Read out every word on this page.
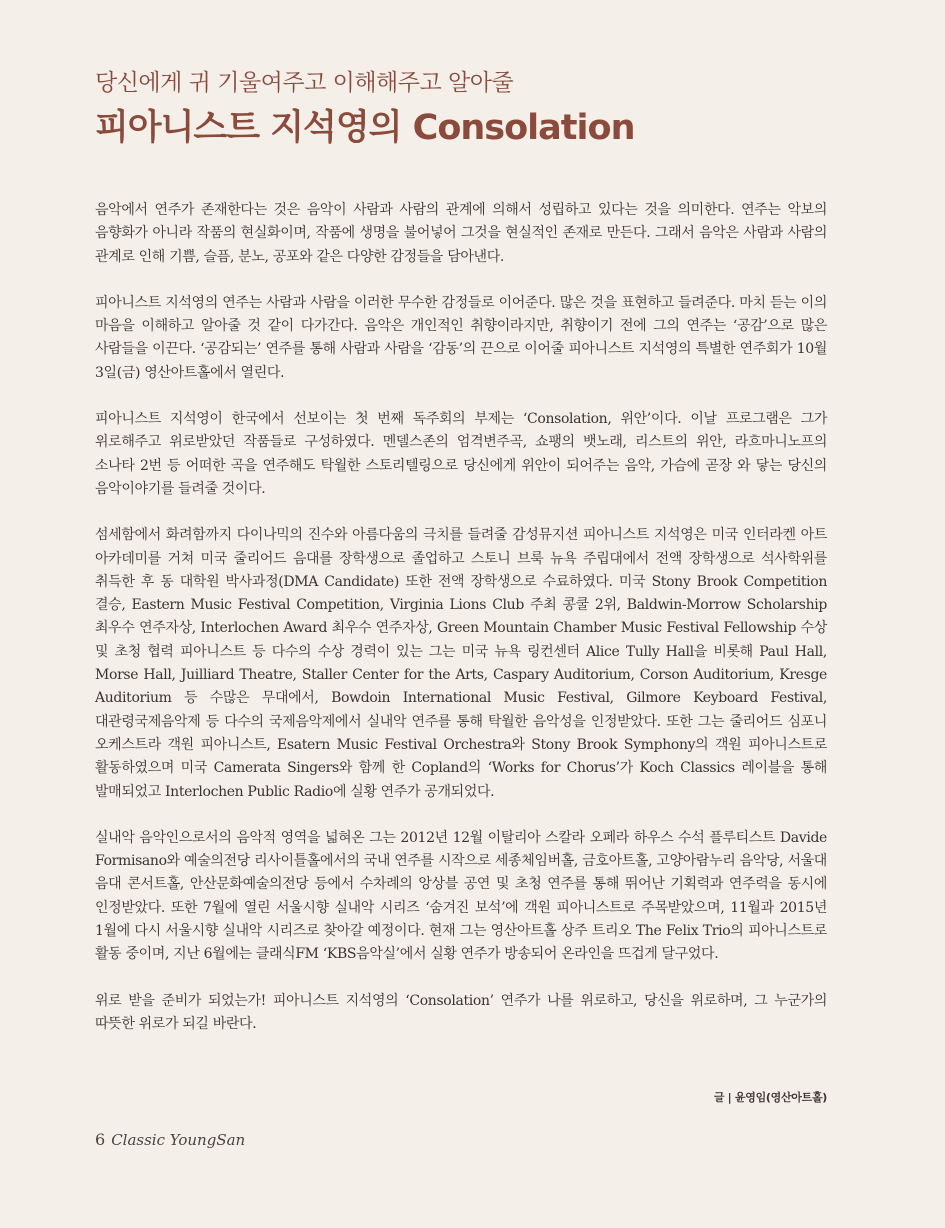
당신에게 귀 기울여주고 이해해주고 알아줄
피아니스트 지석영의 Consolation

음악에서 연주가 존재한다는 것은 음악이 사람과 사람의 관계에 의해서 성립하고 있다는 것을 의미한다. 연주는 악보의 음향화가 아니라 작품의 현실화이며, 작품에 생명을 불어넣어 그것을 현실적인 존재로 만든다. 그래서 음악은 사람과 사람의 관계로 인해 기쁨, 슬픔, 분노, 공포와 같은 다양한 감정들을 담아낸다.

피아니스트 지석영의 연주는 사람과 사람을 이러한 무수한 감정들로 이어준다. 많은 것을 표현하고 들려준다. 마치 듣는 이의 마음을 이해하고 알아줄 것 같이 다가간다. 음악은 개인적인 취향이라지만, 취향이기 전에 그의 연주는 ‘공감’으로 많은 사람들을 이끈다. ‘공감되는’ 연주를 통해 사람과 사람을 ‘감동’의 끈으로 이어줄 피아니스트 지석영의 특별한 연주회가 10월 3일(금) 영산아트홀에서 열린다.

피아니스트 지석영이 한국에서 선보이는 첫 번째 독주회의 부제는 ‘Consolation, 위안’이다. 이날 프로그램은 그가 위로해주고 위로받았던 작품들로 구성하였다. 멘델스존의 엄격변주곡, 쇼팽의 뱃노래, 리스트의 위안, 라흐마니노프의 소나타 2번 등 어떠한 곡을 연주해도 탁월한 스토리텔링으로 당신에게 위안이 되어주는 음악, 가슴에 곧장 와 닿는 당신의 음악이야기를 들려줄 것이다.

섬세함에서 화려함까지 다이나믹의 진수와 아름다움의 극치를 들려줄 감성뮤지션 피아니스트 지석영은 미국 인터라켄 아트 아카데미를 거쳐 미국 줄리어드 음대를 장학생으로 졸업하고 스토니 브룩 뉴욕 주립대에서 전액 장학생으로 석사학위를 취득한 후 동 대학원 박사과정(DMA Candidate) 또한 전액 장학생으로 수료하였다. 미국 Stony Brook Competition 결승, Eastern Music Festival Competition, Virginia Lions Club 주최 콩쿨 2위, Baldwin-Morrow Scholarship 최우수 연주자상, Interlochen Award 최우수 연주자상, Green Mountain Chamber Music Festival Fellowship 수상 및 초청 협력 피아니스트 등 다수의 수상 경력이 있는 그는 미국 뉴욕 링컨센터 Alice Tully Hall을 비롯해 Paul Hall, Morse Hall, Juilliard Theatre, Staller Center for the Arts, Caspary Auditorium, Corson Auditorium, Kresge Auditorium 등 수많은 무대에서, Bowdoin International Music Festival, Gilmore Keyboard Festival, 대관령국제음악제 등 다수의 국제음악제에서 실내악 연주를 통해 탁월한 음악성을 인정받았다. 또한 그는 줄리어드 심포니 오케스트라 객원 피아니스트, Esatern Music Festival Orchestra와 Stony Brook Symphony의 객원 피아니스트로 활동하였으며 미국 Camerata Singers와 함께 한 Copland의 ‘Works for Chorus’가 Koch Classics 레이블을 통해 발매되었고 Interlochen Public Radio에 실황 연주가 공개되었다.

실내악 음악인으로서의 음악적 영역을 넓혀온 그는 2012년 12월 이탈리아 스칼라 오페라 하우스 수석 플루티스트 Davide Formisano와 예술의전당 리사이틀홀에서의 국내 연주를 시작으로 세종체임버홀, 금호아트홀, 고양아람누리 음악당, 서울대 음대 콘서트홀, 안산문화예술의전당 등에서 수차례의 앙상블 공연 및 초청 연주를 통해 뛰어난 기획력과 연주력을 동시에 인정받았다. 또한 7월에 열린 서울시향 실내악 시리즈 ‘숨겨진 보석’에 객원 피아니스트로 주목받았으며, 11월과 2015년 1월에 다시 서울시향 실내악 시리즈로 찾아갈 예정이다. 현재 그는 영산아트홀 상주 트리오 The Felix Trio의 피아니스트로 활동 중이며, 지난 6월에는 클래식FM ‘KBS음악실’에서 실황 연주가 방송되어 온라인을 뜨겁게 달구었다.

위로 받을 준비가 되었는가! 피아니스트 지석영의 ‘Consolation’ 연주가 나를 위로하고, 당신을 위로하며, 그 누군가의 따뜻한 위로가 되길 바란다.

글 | 윤영임(영산아트홀)
6 Classic YoungSan
